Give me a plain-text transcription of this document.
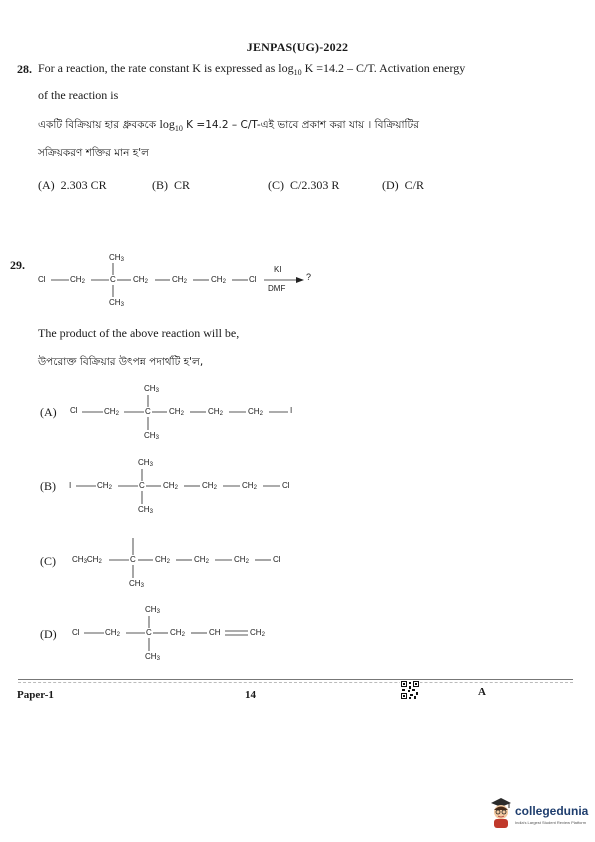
JENPAS(UG)-2022
28. For a reaction, the rate constant K is expressed as $\log_{10} K =14.2 - C/T$. Activation energy
of the reaction is
একটি বিক্রিয়ায় হার ধ্রুবককে $\log_{10} K =14.2$ – C/T-এই ভাবে প্রকাশ করা যায় । বিক্রিয়াটির
সক্রিয়করণ শক্তির মান হ'ল
(A) 2.303 CR	(B) CR	(C) C/2.303 R	(D) C/R
29.
Cl	$CH_2$
$CH_3$
C
$CH_3$
$CH_2$	$CH_2$	$CH_2$	Cl
KI
DMF
?
The product of the above reaction will be,
উপরোক্ত বিক্রিয়ার উৎপন্ন পদার্থটি হ'ল,
(A) Cl	$CH_2$
$CH_3$
C
$CH_3$
$CH_2$	$CH_2$	$CH_2$	I
(B) I	$CH_2$
$CH_3$
C
$CH_3$
$CH_2$	$CH_2$	$CH_2$	Cl
(C) $CH_3CH_2$	C
$CH_3$
$CH_2$	$CH_2$	$CH_2$	Cl
(D) Cl	$CH_2$
$CH_3$
C
$CH_3$
$CH_2$	CH	$CH_2$
Paper-1	14	A
collegedunia
India's Largest Student Review Platform
